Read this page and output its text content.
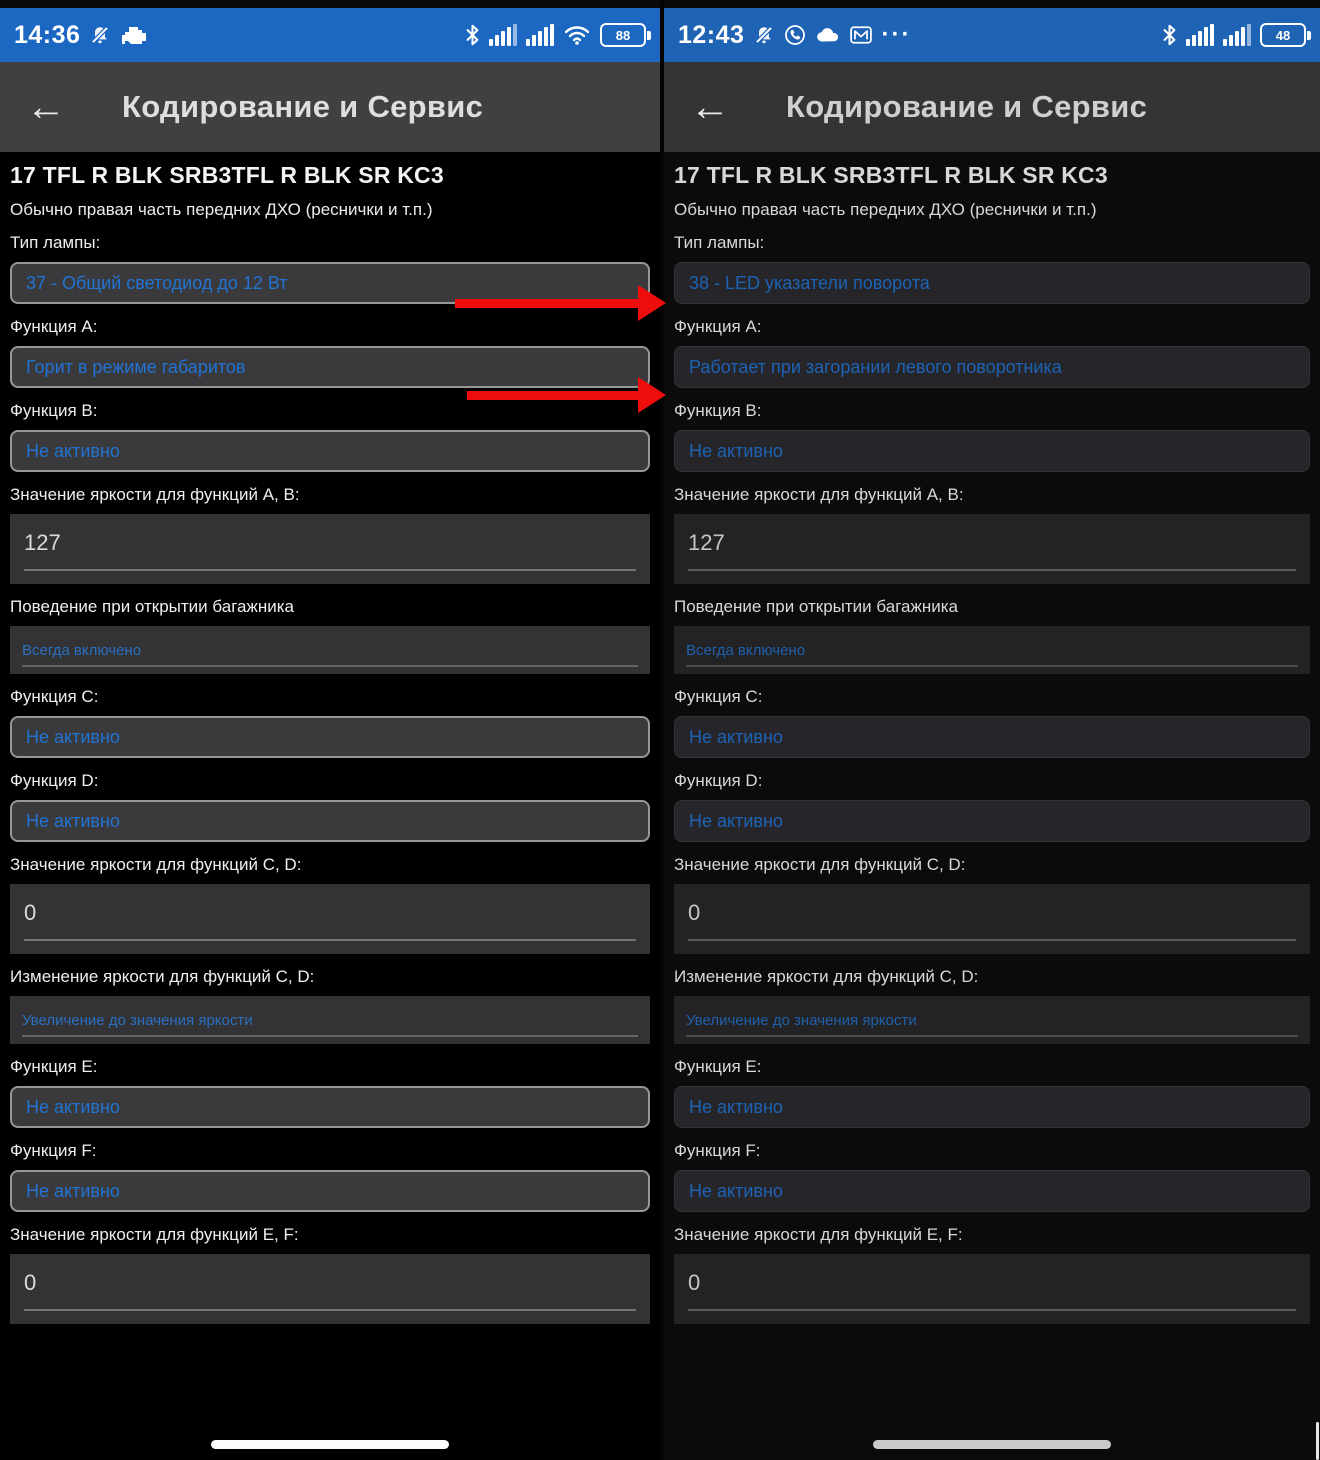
14:36	88
← Кодирование и Сервис
17 TFL R BLK SRB3TFL R BLK SR KC3
Обычно правая часть передних ДХО (реснички и т.п.)
Тип лампы:
37 - Общий светодиод до 12 Вт
Функция A:
Горит в режиме габаритов
Функция B:
Не активно
Значение яркости для функций A, B:
127
Поведение при открытии багажника
Всегда включено
Функция C:
Не активно
Функция D:
Не активно
Значение яркости для функций C, D:
0
Изменение яркости для функций C, D:
Увеличение до значения яркости
Функция E:
Не активно
Функция F:
Не активно
Значение яркости для функций E, F:
0
12:43	···	48
← Кодирование и Сервис
17 TFL R BLK SRB3TFL R BLK SR KC3
Обычно правая часть передних ДХО (реснички и т.п.)
Тип лампы:
38 - LED указатели поворота
Функция A:
Работает при загорании левого поворотника
Функция B:
Не активно
Значение яркости для функций A, B:
127
Поведение при открытии багажника
Всегда включено
Функция C:
Не активно
Функция D:
Не активно
Значение яркости для функций C, D:
0
Изменение яркости для функций C, D:
Увеличение до значения яркости
Функция E:
Не активно
Функция F:
Не активно
Значение яркости для функций E, F:
0
